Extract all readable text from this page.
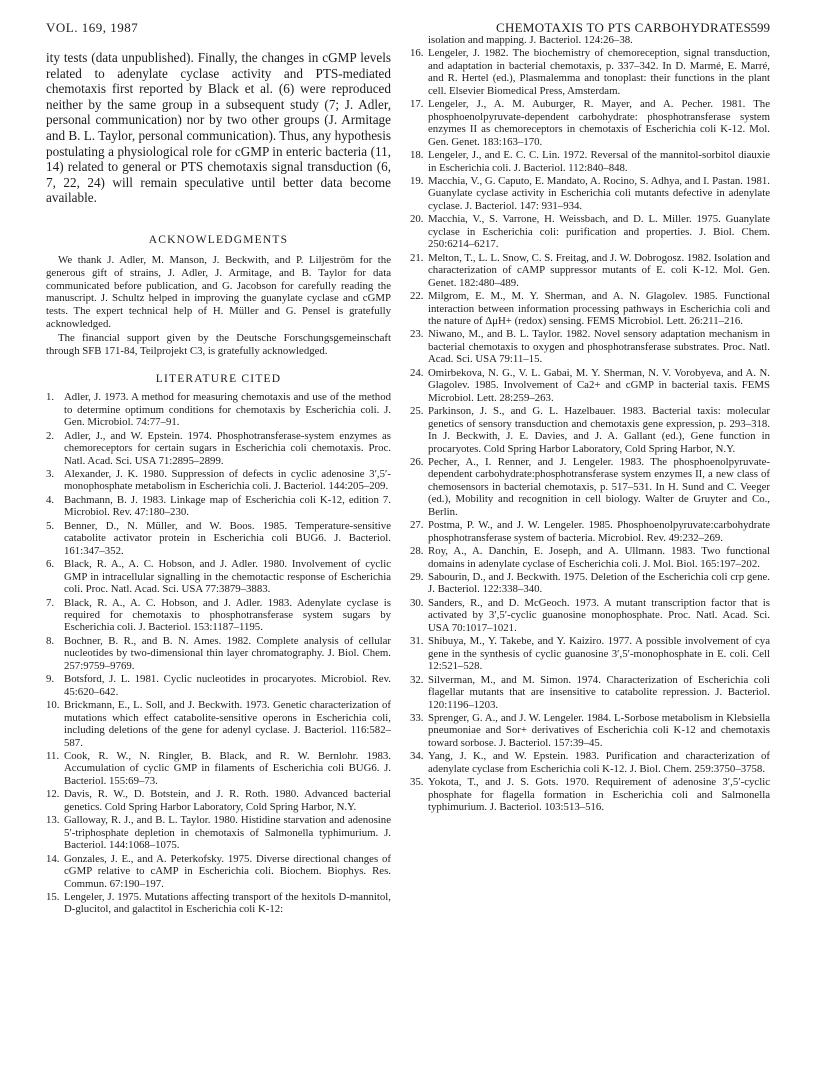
VOL. 169, 1987	CHEMOTAXIS TO PTS CARBOHYDRATES 599

ity tests (data unpublished). Finally, the changes in cGMP levels related to adenylate cyclase activity and PTS-mediated chemotaxis first reported by Black et al. (6) were reproduced neither by the same group in a subsequent study (7; J. Adler, personal communication) nor by two other groups (J. Armitage and B. L. Taylor, personal communication). Thus, any hypothesis postulating a physiological role for cGMP in enteric bacteria (11, 14) related to general or PTS chemotaxis signal transduction (6, 7, 22, 24) will remain speculative until better data become available.

ACKNOWLEDGMENTS

We thank J. Adler, M. Manson, J. Beckwith, and P. Liljeström for the generous gift of strains, J. Adler, J. Armitage, and B. Taylor for data communicated before publication, and G. Jacobson for carefully reading the manuscript. J. Schultz helped in improving the guanylate cyclase and cGMP tests. The expert technical help of H. Müller and G. Pensel is gratefully acknowledged.

The financial support given by the Deutsche Forschungsgemeinschaft through SFB 171-84, Teilprojekt C3, is gratefully acknowledged.

LITERATURE CITED
1. Adler, J. 1973. A method for measuring chemotaxis and use of the method to determine optimum conditions for chemotaxis by Escherichia coli. J. Gen. Microbiol. 74:77–91.
2. Adler, J., and W. Epstein. 1974. Phosphotransferase-system enzymes as chemoreceptors for certain sugars in Escherichia coli chemotaxis. Proc. Natl. Acad. Sci. USA 71:2895–2899.
3. Alexander, J. K. 1980. Suppression of defects in cyclic adenosine 3′,5′-monophosphate metabolism in Escherichia coli. J. Bacteriol. 144:205–209.
4. Bachmann, B. J. 1983. Linkage map of Escherichia coli K-12, edition 7. Microbiol. Rev. 47:180–230.
5. Benner, D., N. Müller, and W. Boos. 1985. Temperature-sensitive catabolite activator protein in Escherichia coli BUG6. J. Bacteriol. 161:347–352.
6. Black, R. A., A. C. Hobson, and J. Adler. 1980. Involvement of cyclic GMP in intracellular signalling in the chemotactic response of Escherichia coli. Proc. Natl. Acad. Sci. USA 77:3879–3883.
7. Black, R. A., A. C. Hobson, and J. Adler. 1983. Adenylate cyclase is required for chemotaxis to phosphotransferase system sugars by Escherichia coli. J. Bacteriol. 153:1187–1195.
8. Bochner, B. R., and B. N. Ames. 1982. Complete analysis of cellular nucleotides by two-dimensional thin layer chromatography. J. Biol. Chem. 257:9759–9769.
9. Botsford, J. L. 1981. Cyclic nucleotides in procaryotes. Microbiol. Rev. 45:620–642.
10. Brickmann, E., L. Soll, and J. Beckwith. 1973. Genetic characterization of mutations which effect catabolite-sensitive operons in Escherichia coli, including deletions of the gene for adenyl cyclase. J. Bacteriol. 116:582–587.
11. Cook, R. W., N. Ringler, B. Black, and R. W. Bernlohr. 1983. Accumulation of cyclic GMP in filaments of Escherichia coli BUG6. J. Bacteriol. 155:69–73.
12. Davis, R. W., D. Botstein, and J. R. Roth. 1980. Advanced bacterial genetics. Cold Spring Harbor Laboratory, Cold Spring Harbor, N.Y.
13. Galloway, R. J., and B. L. Taylor. 1980. Histidine starvation and adenosine 5′-triphosphate depletion in chemotaxis of Salmonella typhimurium. J. Bacteriol. 144:1068–1075.
14. Gonzales, J. E., and A. Peterkofsky. 1975. Diverse directional changes of cGMP relative to cAMP in Escherichia coli. Biochem. Biophys. Res. Commun. 67:190–197.
15. Lengeler, J. 1975. Mutations affecting transport of the hexitols D-mannitol, D-glucitol, and galactitol in Escherichia coli K-12:

isolation and mapping. J. Bacteriol. 124:26–38.

16. Lengeler, J. 1982. The biochemistry of chemoreception, signal transduction, and adaptation in bacterial chemotaxis, p. 337–342. In D. Marmé, E. Marré, and R. Hertel (ed.), Plasmalemma and tonoplast: their functions in the plant cell. Elsevier Biomedical Press, Amsterdam.
17. Lengeler, J., A. M. Auburger, R. Mayer, and A. Pecher. 1981. The phosphoenolpyruvate-dependent carbohydrate: phosphotransferase system enzymes II as chemoreceptors in chemotaxis of Escherichia coli K-12. Mol. Gen. Genet. 183:163–170.
18. Lengeler, J., and E. C. C. Lin. 1972. Reversal of the mannitol-sorbitol diauxie in Escherichia coli. J. Bacteriol. 112:840–848.
19. Macchia, V., G. Caputo, E. Mandato, A. Rocino, S. Adhya, and I. Pastan. 1981. Guanylate cyclase activity in Escherichia coli mutants defective in adenylate cyclase. J. Bacteriol. 147: 931–934.
20. Macchia, V., S. Varrone, H. Weissbach, and D. L. Miller. 1975. Guanylate cyclase in Escherichia coli: purification and properties. J. Biol. Chem. 250:6214–6217.
21. Melton, T., L. L. Snow, C. S. Freitag, and J. W. Dobrogosz. 1982. Isolation and characterization of cAMP suppressor mutants of E. coli K-12. Mol. Gen. Genet. 182:480–489.
22. Milgrom, E. M., M. Y. Sherman, and A. N. Glagolev. 1985. Functional interaction between information processing pathways in Escherichia coli and the nature of ΔμH+ (redox) sensing. FEMS Microbiol. Lett. 26:211–216.
23. Niwano, M., and B. L. Taylor. 1982. Novel sensory adaptation mechanism in bacterial chemotaxis to oxygen and phosphotransferase substrates. Proc. Natl. Acad. Sci. USA 79:11–15.
24. Omirbekova, N. G., V. L. Gabai, M. Y. Sherman, N. V. Vorobyeva, and A. N. Glagolev. 1985. Involvement of Ca2+ and cGMP in bacterial taxis. FEMS Microbiol. Lett. 28:259–263.
25. Parkinson, J. S., and G. L. Hazelbauer. 1983. Bacterial taxis: molecular genetics of sensory transduction and chemotaxis gene expression, p. 293–318. In J. Beckwith, J. E. Davies, and J. A. Gallant (ed.), Gene function in procaryotes. Cold Spring Harbor Laboratory, Cold Spring Harbor, N.Y.
26. Pecher, A., I. Renner, and J. Lengeler. 1983. The phosphoenolpyruvate-dependent carbohydrate:phosphotransferase system enzymes II, a new class of chemosensors in bacterial chemotaxis, p. 517–531. In H. Sund and C. Veeger (ed.), Mobility and recognition in cell biology. Walter de Gruyter and Co., Berlin.
27. Postma, P. W., and J. W. Lengeler. 1985. Phosphoenolpyruvate:carbohydrate phosphotransferase system of bacteria. Microbiol. Rev. 49:232–269.
28. Roy, A., A. Danchin, E. Joseph, and A. Ullmann. 1983. Two functional domains in adenylate cyclase of Escherichia coli. J. Mol. Biol. 165:197–202.
29. Sabourin, D., and J. Beckwith. 1975. Deletion of the Escherichia coli crp gene. J. Bacteriol. 122:338–340.
30. Sanders, R., and D. McGeoch. 1973. A mutant transcription factor that is activated by 3′,5′-cyclic guanosine monophosphate. Proc. Natl. Acad. Sci. USA 70:1017–1021.
31. Shibuya, M., Y. Takebe, and Y. Kaiziro. 1977. A possible involvement of cya gene in the synthesis of cyclic guanosine 3′,5′-monophosphate in E. coli. Cell 12:521–528.
32. Silverman, M., and M. Simon. 1974. Characterization of Escherichia coli flagellar mutants that are insensitive to catabolite repression. J. Bacteriol. 120:1196–1203.
33. Sprenger, G. A., and J. W. Lengeler. 1984. L-Sorbose metabolism in Klebsiella pneumoniae and Sor+ derivatives of Escherichia coli K-12 and chemotaxis toward sorbose. J. Bacteriol. 157:39–45.
34. Yang, J. K., and W. Epstein. 1983. Purification and characterization of adenylate cyclase from Escherichia coli K-12. J. Biol. Chem. 259:3750–3758.
35. Yokota, T., and J. S. Gots. 1970. Requirement of adenosine 3′,5′-cyclic phosphate for flagella formation in Escherichia coli and Salmonella typhimurium. J. Bacteriol. 103:513–516.
